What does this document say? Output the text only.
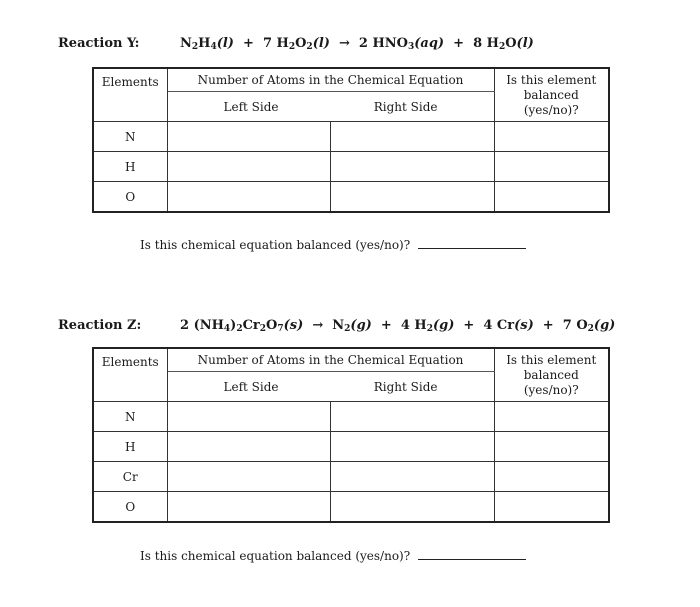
Reaction Y:	$N_2H_4(l) + 7$ $H_2O_2(l) \to 2$ $HNO_3(aq) + 8$ $H_2O(l)$
Elements	Number of Atoms in the Chemical Equation		Is this element
balanced
(yes/no)?
	Left Side	Right Side	
N			
H			
O			
Is this chemical equation balanced (yes/no)?
Reaction Z:	2 $(NH_4)_2Cr_2O_7(s) \to N_2(g) + 4$ $H_2(g) + 4$ Cr(s)  +  7 $O_2(g)$
Elements	Number of Atoms in the Chemical Equation		Is this element
balanced
(yes/no)?
	Left Side	Right Side	
N			
H			
Cr			
O			
Is this chemical equation balanced (yes/no)?
